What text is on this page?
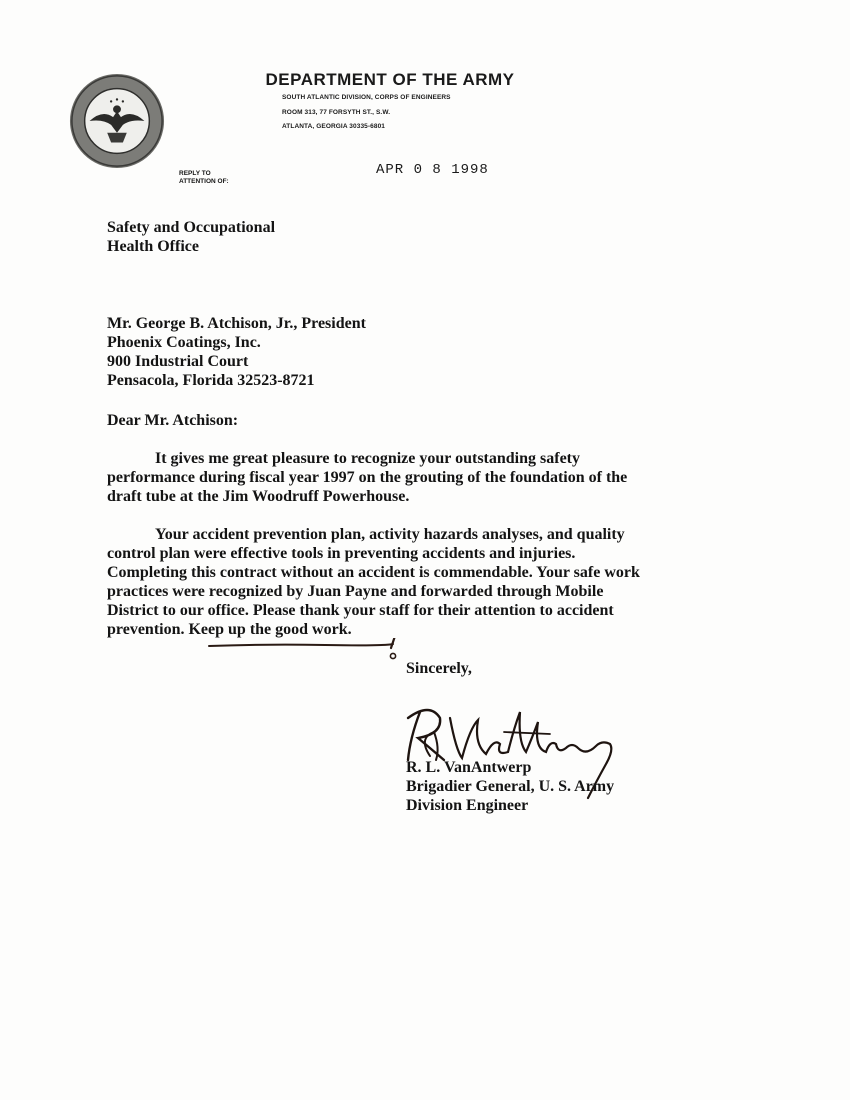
DEPARTMENT OF THE ARMY
SOUTH ATLANTIC DIVISION, CORPS OF ENGINEERS
ROOM 313, 77 FORSYTH ST., S.W.
ATLANTA, GEORGIA 30335-6801
REPLY TO
ATTENTION OF:
APR 0 8 1998
Safety and Occupational
Health Office
Mr. George B. Atchison, Jr., President
Phoenix Coatings, Inc.
900 Industrial Court
Pensacola, Florida 32523-8721
Dear Mr. Atchison:
It gives me great pleasure to recognize your outstanding safety
performance during fiscal year 1997 on the grouting of the foundation of the
draft tube at the Jim Woodruff Powerhouse.
Your accident prevention plan, activity hazards analyses, and quality
control plan were effective tools in preventing accidents and injuries.
Completing this contract without an accident is commendable. Your safe work
practices were recognized by Juan Payne and forwarded through Mobile
District to our office. Please thank your staff for their attention to accident
prevention. Keep up the good work.
Sincerely,
R. L. VanAntwerp
Brigadier General, U. S. Army
Division Engineer
